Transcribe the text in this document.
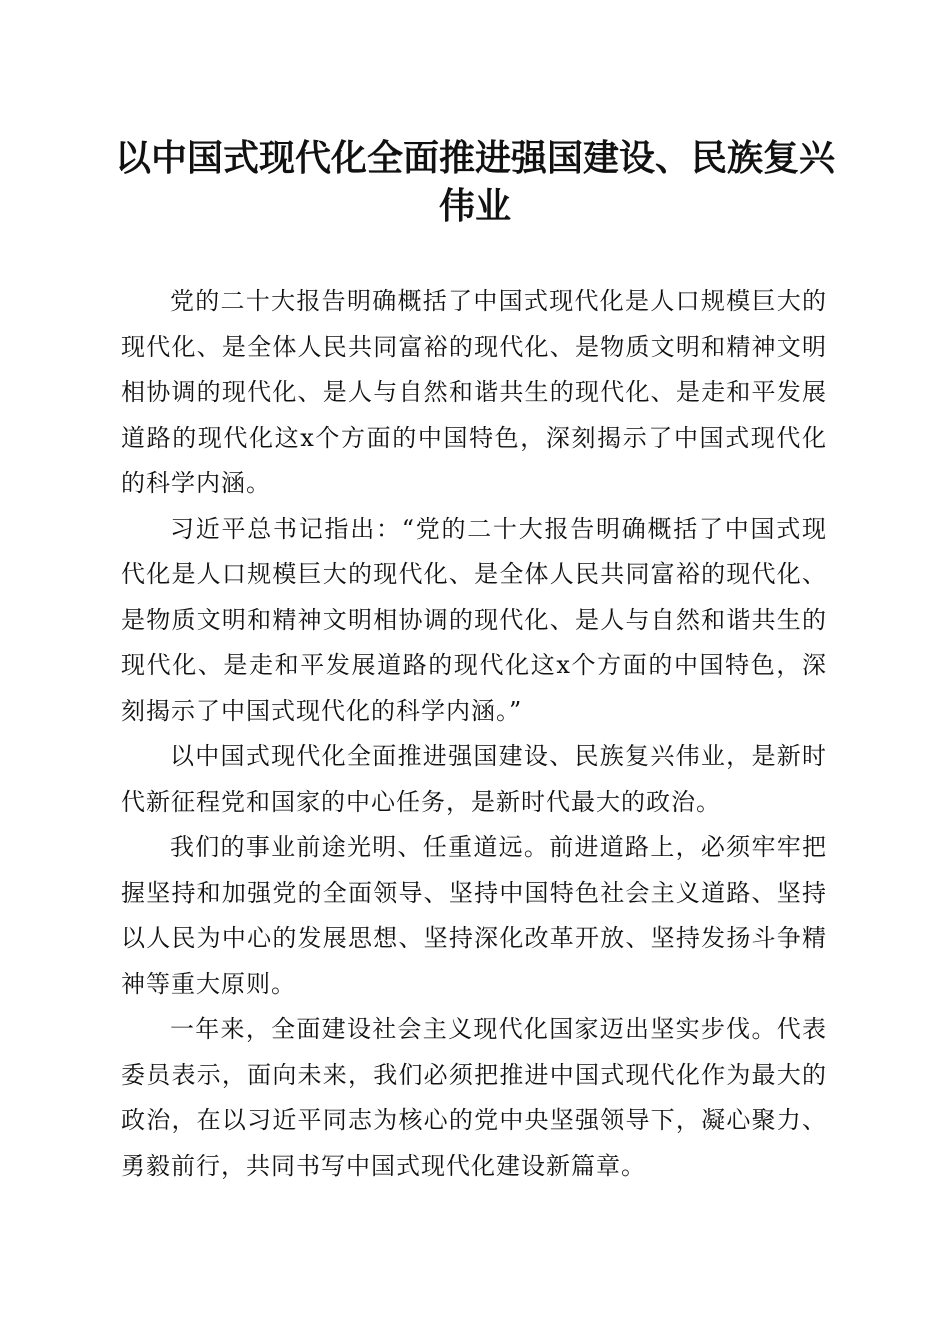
以中国式现代化全面推进强国建设、民族复兴伟业

党的二十大报告明确概括了中国式现代化是人口规模巨大的现代化、是全体人民共同富裕的现代化、是物质文明和精神文明相协调的现代化、是人与自然和谐共生的现代化、是走和平发展道路的现代化这x个方面的中国特色，深刻揭示了中国式现代化的科学内涵。

习近平总书记指出：“党的二十大报告明确概括了中国式现代化是人口规模巨大的现代化、是全体人民共同富裕的现代化、是物质文明和精神文明相协调的现代化、是人与自然和谐共生的现代化、是走和平发展道路的现代化这x个方面的中国特色，深刻揭示了中国式现代化的科学内涵。”

以中国式现代化全面推进强国建设、民族复兴伟业，是新时代新征程党和国家的中心任务，是新时代最大的政治。

我们的事业前途光明、任重道远。前进道路上，必须牢牢把握坚持和加强党的全面领导、坚持中国特色社会主义道路、坚持以人民为中心的发展思想、坚持深化改革开放、坚持发扬斗争精神等重大原则。

一年来，全面建设社会主义现代化国家迈出坚实步伐。代表委员表示，面向未来，我们必须把推进中国式现代化作为最大的政治，在以习近平同志为核心的党中央坚强领导下，凝心聚力、勇毅前行，共同书写中国式现代化建设新篇章。
